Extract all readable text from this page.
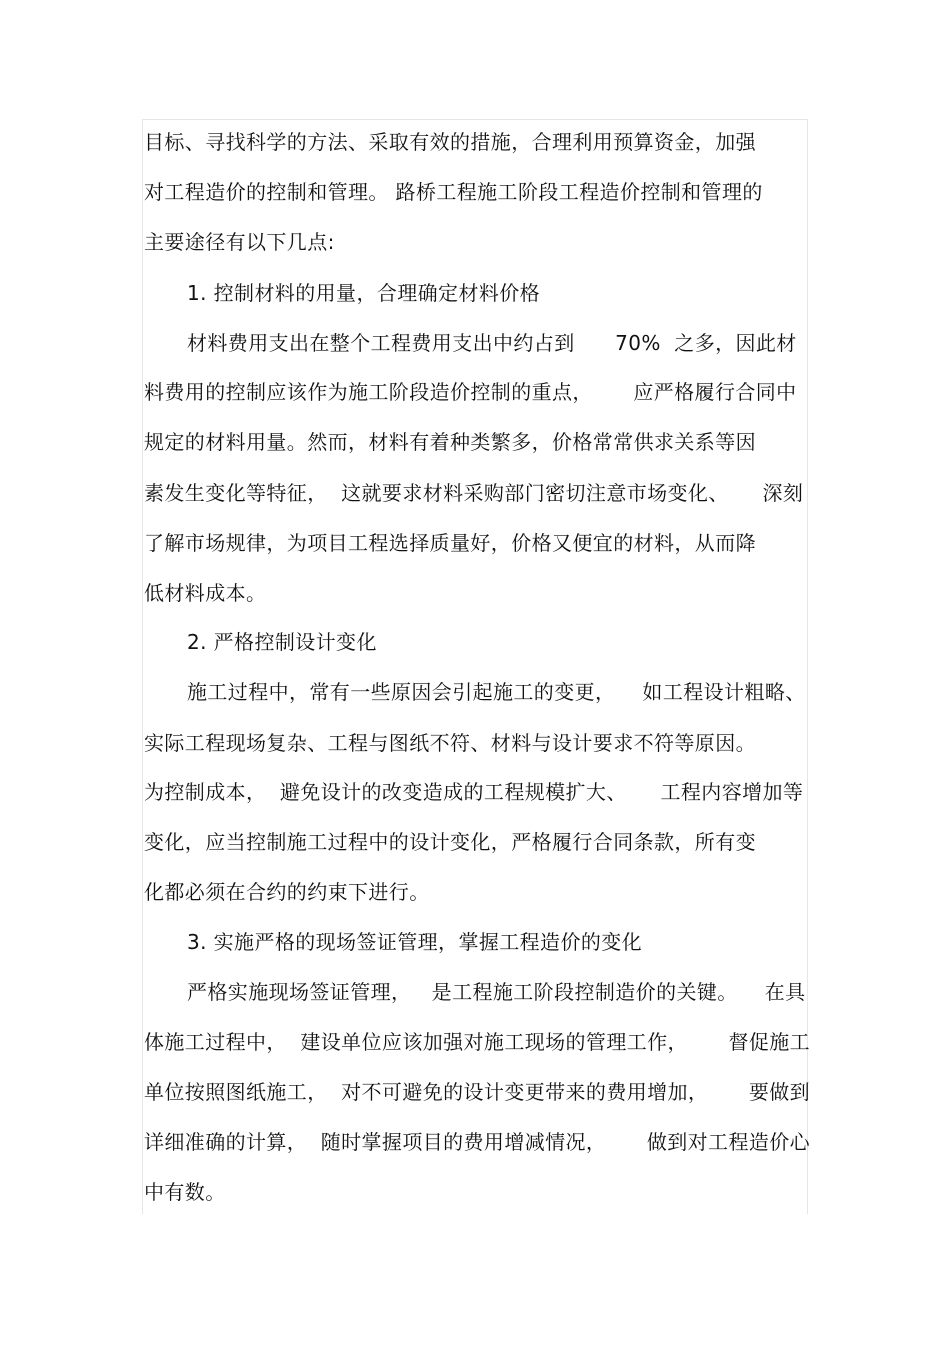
目标、寻找科学的方法、采取有效的措施，合理利用预算资金，加强
对工程造价的控制和管理。 路桥工程施工阶段工程造价控制和管理的
主要途径有以下几点:
1. 控制材料的用量，合理确定材料价格
材料费用支出在整个工程费用支出中约占到      70%  之多，因此材
料费用的控制应该作为施工阶段造价控制的重点，      应严格履行合同中
规定的材料用量。然而，材料有着种类繁多，价格常常供求关系等因
素发生变化等特征，  这就要求材料采购部门密切注意市场变化、     深刻
了解市场规律，为项目工程选择质量好，价格又便宜的材料，从而降
低材料成本。
2. 严格控制设计变化
施工过程中，常有一些原因会引起施工的变更，    如工程设计粗略、
实际工程现场复杂、工程与图纸不符、材料与设计要求不符等原因。
为控制成本，  避免设计的改变造成的工程规模扩大、     工程内容增加等
变化，应当控制施工过程中的设计变化，严格履行合同条款，所有变
化都必须在合约的约束下进行。
3. 实施严格的现场签证管理，掌握工程造价的变化
严格实施现场签证管理，   是工程施工阶段控制造价的关键。    在具
体施工过程中，  建设单位应该加强对施工现场的管理工作，      督促施工
单位按照图纸施工，  对不可避免的设计变更带来的费用增加，      要做到
详细准确的计算，  随时掌握项目的费用增减情况，      做到对工程造价心
中有数。
